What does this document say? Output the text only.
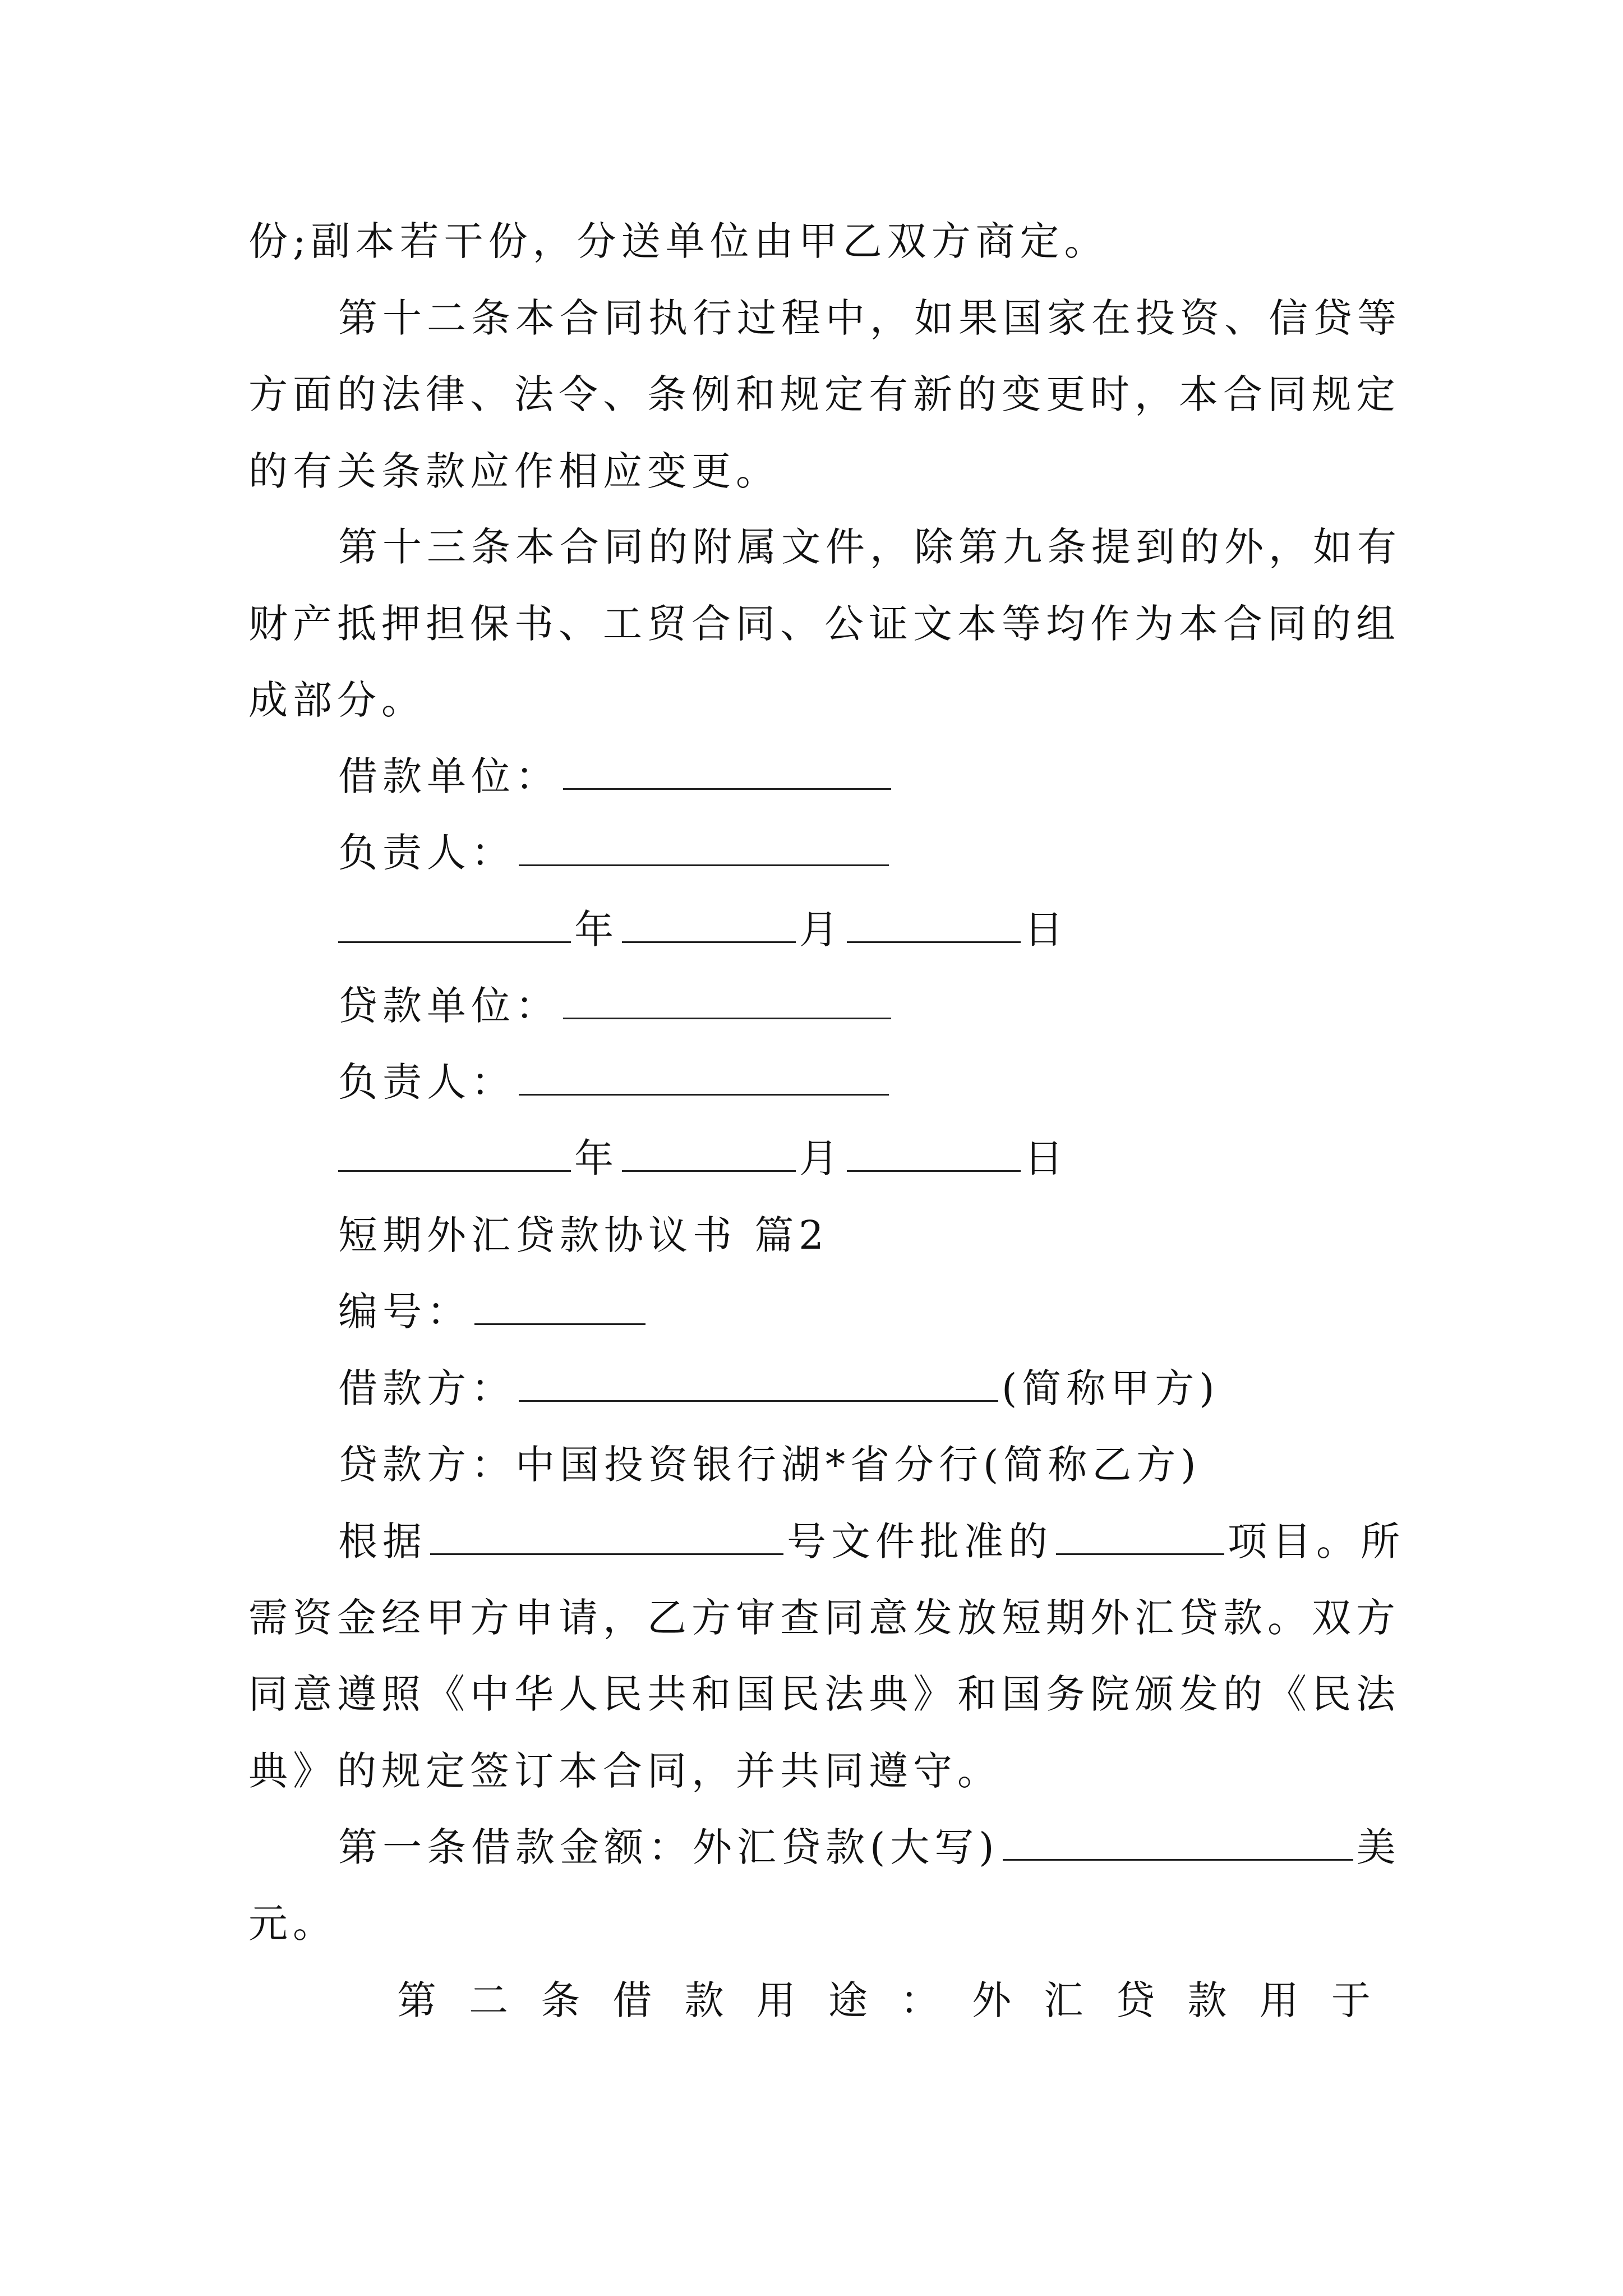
份;副本若干份，分送单位由甲乙双方商定。
第十二条本合同执行过程中，如果国家在投资、信贷等
方面的法律、法令、条例和规定有新的变更时，本合同规定
的有关条款应作相应变更。
第十三条本合同的附属文件，除第九条提到的外，如有
财产抵押担保书、工贸合同、公证文本等均作为本合同的组
成部分。
借款单位：
负责人：
年	月	日
贷款单位：
负责人：
年	月	日
短期外汇贷款协议书 篇2
编号：
借款方：	(简称甲方)
贷款方：中国投资银行湖*省分行(简称乙方)
根据	号文件批准的	项目。所
需资金经甲方申请，乙方审查同意发放短期外汇贷款。双方
同意遵照《中华人民共和国民法典》和国务院颁发的《民法
典》的规定签订本合同，并共同遵守。
第一条借款金额：外汇贷款(大写)	美
元。
第 二 条 借 款 用 途 ： 外 汇 贷 款 用 于
